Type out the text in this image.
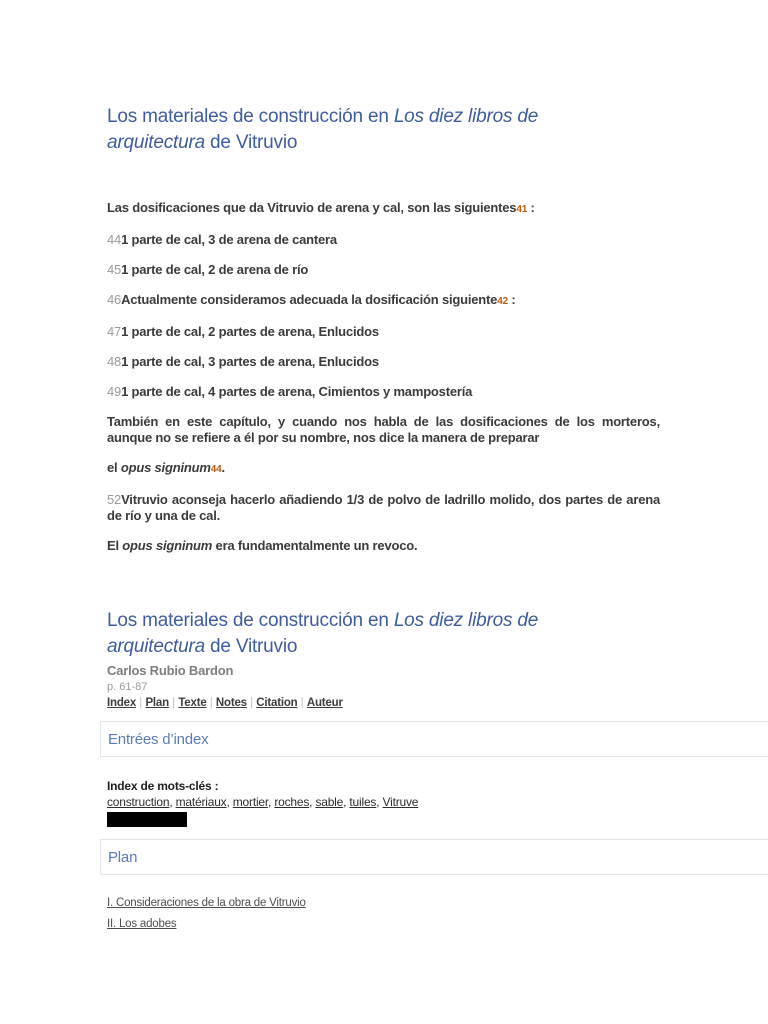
Los materiales de construcción en Los diez libros de arquitectura de Vitruvio

Las dosificaciones que da Vitruvio de arena y cal, son las siguientes41 :

441 parte de cal, 3 de arena de cantera

451 parte de cal, 2 de arena de río

46Actualmente consideramos adecuada la dosificación siguiente42 :

471 parte de cal, 2 partes de arena, Enlucidos

481 parte de cal, 3 partes de arena, Enlucidos

491 parte de cal, 4 partes de arena, Cimientos y mampostería

También en este capítulo, y cuando nos habla de las dosificaciones de los morteros, aunque no se refiere a él por su nombre, nos dice la manera de preparar

el opus signinum44.

52Vitruvio aconseja hacerlo añadiendo 1/3 de polvo de ladrillo molido, dos partes de arena de río y una de cal.

El opus signinum era fundamentalmente un revoco.

Los materiales de construcción en Los diez libros de arquitectura de Vitruvio
Carlos Rubio Bardon
p. 61-87
Index | Plan | Texte | Notes | Citation | Auteur
Entrées d’index
Index de mots-clés :
construction, matériaux, mortier, roches, sable, tuiles, Vitruve
Plan
I. Consideraciones de la obra de Vitruvio
II. Los adobes
